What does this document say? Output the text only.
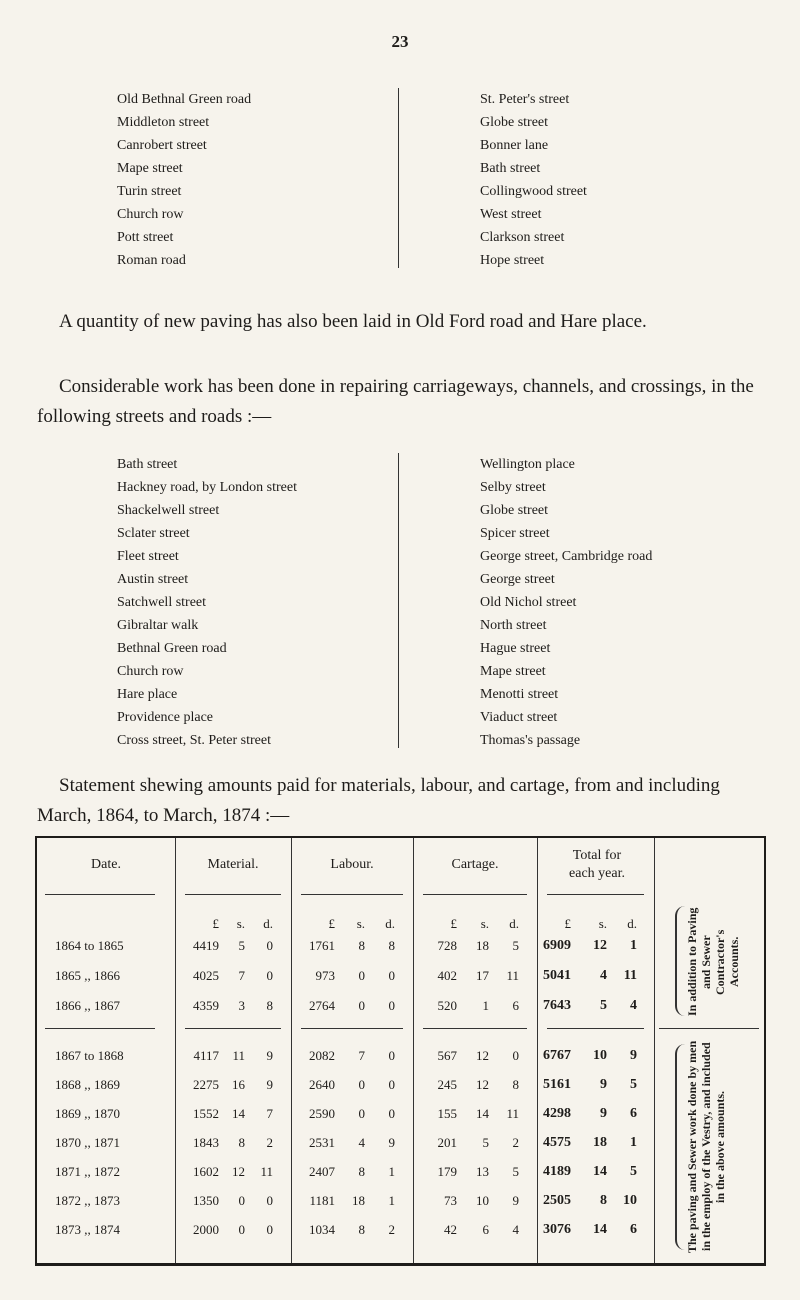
23
Old Bethnal Green road	St. Peter's street
Middleton street	Globe street
Canrobert street	Bonner lane
Mape street	Bath street
Turin street	Collingwood street
Church row	West street
Pott street	Clarkson street
Roman road	Hope street

A quantity of new paving has also been laid in Old Ford road and Hare place.

Considerable work has been done in repairing carriageways, channels, and crossings, in the following streets and roads :—

Bath street	Wellington place
Hackney road, by London street	Selby street
Shackelwell street	Globe street
Sclater street	Spicer street
Fleet street	George street, Cambridge road
Austin street	George street
Satchwell street	Old Nichol street
Gibraltar walk	North street
Bethnal Green road	Hague street
Church row	Mape street
Hare place	Menotti street
Providence place	Viaduct street
Cross street, St. Peter street	Thomas's passage

Statement shewing amounts paid for materials, labour, and cartage, from and including March, 1864, to March, 1874 :—

Date.	Material.	Labour.	Cartage.
Total for each year.
In addition to Paving and Sewer Contractor's Accounts.
The paving and Sewer work done by men in the employ of the Vestry, and included in the above amounts.
£	s.	d.	£	s.	d.	£	s.	d.	£	s.	d.
1864 to 1865	4419	5	0	1761	8	8	728	18	5	6909	12	1
1865 ,, 1866	4025	7	0	973	0	0	402	17	11	5041	4	11
1866 ,, 1867	4359	3	8	2764	0	0	520	1	6	7643	5	4
1867 to 1868	4117	11	9	2082	7	0	567	12	0	6767	10	9
1868 ,, 1869	2275	16	9	2640	0	0	245	12	8	5161	9	5
1869 ,, 1870	1552	14	7	2590	0	0	155	14	11	4298	9	6
1870 ,, 1871	1843	8	2	2531	4	9	201	5	2	4575	18	1
1871 ,, 1872	1602	12	11	2407	8	1	179	13	5	4189	14	5
1872 ,, 1873	1350	0	0	1181	18	1	73	10	9	2505	8	10
1873 ,, 1874	2000	0	0	1034	8	2	42	6	4	3076	14	6
